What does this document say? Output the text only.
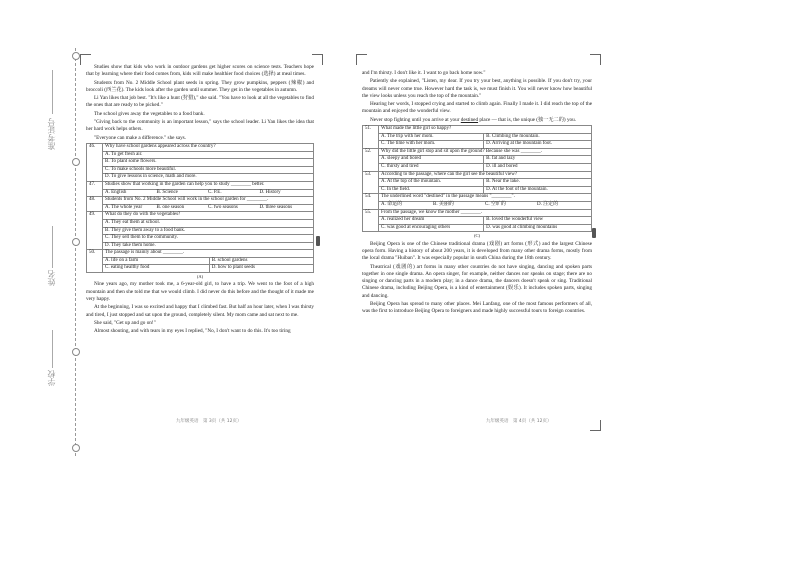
准考证号
姓名
学校

Studies show that kids who work in outdoor gardens get higher scores on science tests. Teachers hope that by learning where their food comes from, kids will make healthier food choices (选择) at meal times.

Students from No. 2 Middle School plant seeds in spring. They grow pumpkins, peppers (辣椒) and broccoli (西兰花). The kids look after the garden until summer. They get in the vegetables in autumn.

Li Yan likes that job best. "It's like a hunt (狩猎)," she said. "You have to look at all the vegetables to find the ones that are ready to be picked."

The school gives away the vegetables to a food bank.

"Giving back to the community is an important lesson," says the school leader. Li Yan likes the idea that her hard work helps others.

"Everyone can make a difference." she says.

46.	Why have school gardens appeared across the country?	
	A. To get fresh air.	
	B. To plant some flowers.	
	C. To make schools more beautiful.	
	D. To give lessons in science, math and more.	
47.	Studies show that working in the garden can help you to study ________ better.	

	A. English B. Science C. P.E. D. History	

48.	Students from No. 2 Middle School will work in the school garden for ________.	

	A. The whole year B. one season C. two seasons D. three seasons	

49.	What do they do with the vegetables?	
	A. They eat them at school.	
	B. They give them away to a food bank.	
	C. They sell them to the community.	
	D. They take them home.	
50.	The passage is mainly about ________.	
	A. life on a farm	B. school gardens
	C. eating healthy food	D. how to plant seeds
(A)

Nine years ago, my mother took me, a 6-year-old girl, to have a trip. We went to the foot of a high mountain and then she told me that we would climb. I did never do this before and the thought of it made me very happy.

At the beginning, I was so excited and happy that I climbed fast. But half an hour later, when I was thirsty and tired, I just stopped and sat upon the ground, completely silent. My mom came and sat next to me.

She said, "Get up and go on!"

Almost shouting, and with tears in my eyes I replied, "No, I don't want to do this. It's too tiring

九年级英语　第 3页（共 12页）

and I'm thirsty. I don't like it. I want to go back home now."

Patiently she explained, "Listen, my dear. If you try your best, anything is possible. If you don't try, your dreams will never come true. However hard the task is, we must finish it. You will never know how beautiful the view looks unless you reach the top of the mountain."

Hearing her words, I stopped crying and started to climb again. Finally I made it. I did reach the top of the mountain and enjoyed the wonderful view.

Never stop fighting until you arrive at your destined place — that is, the unique (独一无二的) you.

51.	What made the little girl so happy?	
	A. The trip with her mom.	B. Climbing the mountain.
	C. The time with her mom.	D. Arriving at the mountain foot.
52.	Why did the little girl stop and sit upon the ground? Because she was ________.	
	A. sleepy and bored	B. fat and lazy
	C. thirsty and tired	D. ill and bored
53.	According to the passage, where can the girl see the beautiful view?	
	A. At the top of the mountain.	B. Near the lake.
	C. In the field.	D. At the foot of the mountain.
54.	The underlined word "destined" in the passage means "________".	

	A. 命运的 B. 美丽的 C. 空旷的 D. 注定的	

55.	From the passage, we know the mother ________.	
	A. realized her dream	B. loved the wonderful view
	C. was good at encouraging others	D. was good at climbing mountains
(C)

Beijing Opera is one of the Chinese traditional drama (戏剧) art forms (形式) and the largest Chinese opera form. Having a history of about 200 years, it is developed from many other drama forms, mostly from the local drama "Huiban". It was especially popular in south China during the 18th century.

Theatrical (戏剧的) art forms in many other countries do not have singing, dancing and spoken parts together in one single drama. An opera singer, for example, neither dances nor speaks on stage; there are no singing or dancing parts in a modern play; in a dance drama, the dancers doesn't speak or sing. Traditional Chinese drama, including Beijing Opera, is a kind of entertainment (娱乐). It includes spoken parts, singing and dancing.

Beijing Opera has spread to many other places. Mei Lanfang, one of the most famous performers of all, was the first to introduce Beijing Opera to foreigners and made highly successful tours to foreign countries.

九年级英语　第 4页（共 12页）
